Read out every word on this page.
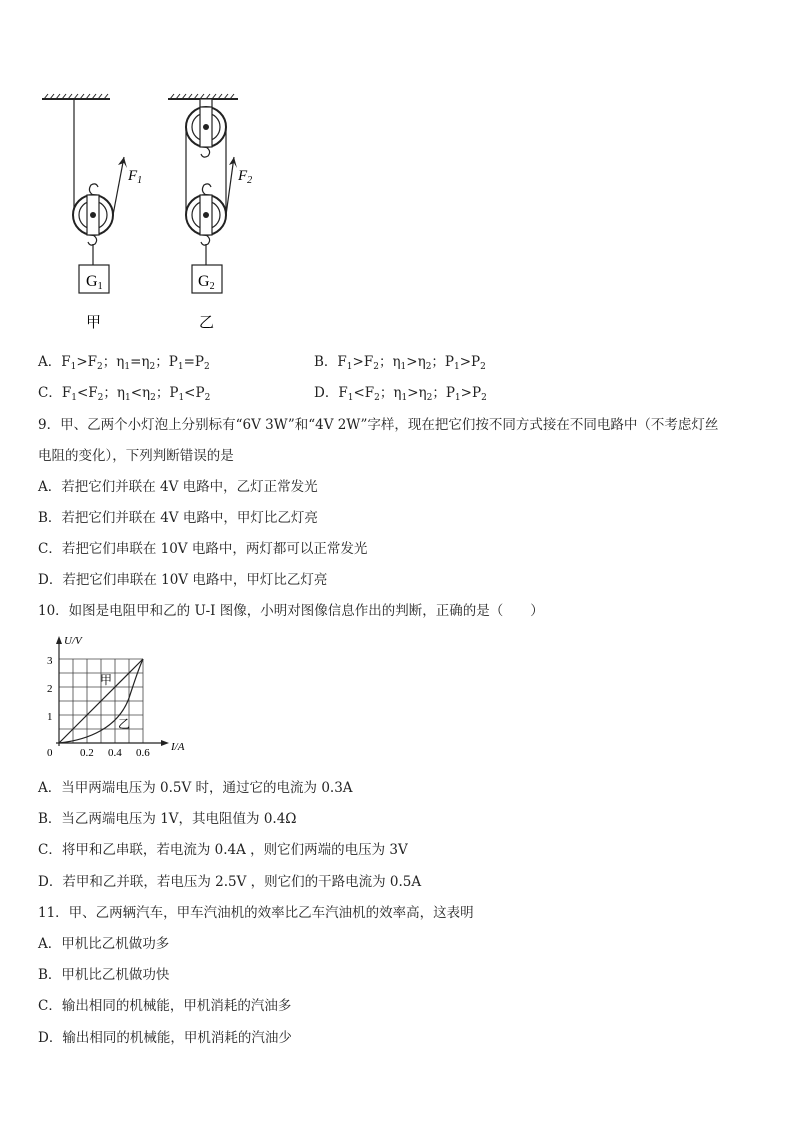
$F_1$
G1
甲
$F_2$
G2
乙
A．$F_1>F_2$；$\eta_1=\eta_2$；$P_1=P_2$	B．$F_1>F_2$；$\eta_1>\eta_2$；$P_1>P_2$
C．$F_1<F_2$；$\eta_1<\eta_2$；$P_1<P_2$	D．$F_1<F_2$；$\eta_1>\eta_2$；$P_1>P_2$
9．甲、乙两个小灯泡上分别标有“6V 3W”和“4V 2W”字样，现在把它们按不同方式接在不同电路中（不考虑灯丝
电阻的变化），下列判断错误的是
A．若把它们并联在 4V 电路中，乙灯正常发光
B．若把它们并联在 4V 电路中，甲灯比乙灯亮
C．若把它们串联在 10V 电路中，两灯都可以正常发光
D．若把它们串联在 10V 电路中，甲灯比乙灯亮
10．如图是电阻甲和乙的 U-I 图像，小明对图像信息作出的判断，正确的是（　　）
U/V
I/A
0
1
2
3
0.2 0.4 0.6
甲
乙
A．当甲两端电压为 0.5V 时，通过它的电流为 0.3A
B．当乙两端电压为 1V，其电阻值为 0.4Ω
C．将甲和乙串联，若电流为 0.4A ，则它们两端的电压为 3V
D．若甲和乙并联，若电压为 2.5V ，则它们的干路电流为 0.5A
11．甲、乙两辆汽车，甲车汽油机的效率比乙车汽油机的效率高，这表明
A．甲机比乙机做功多
B．甲机比乙机做功快
C．输出相同的机械能，甲机消耗的汽油多
D．输出相同的机械能，甲机消耗的汽油少
